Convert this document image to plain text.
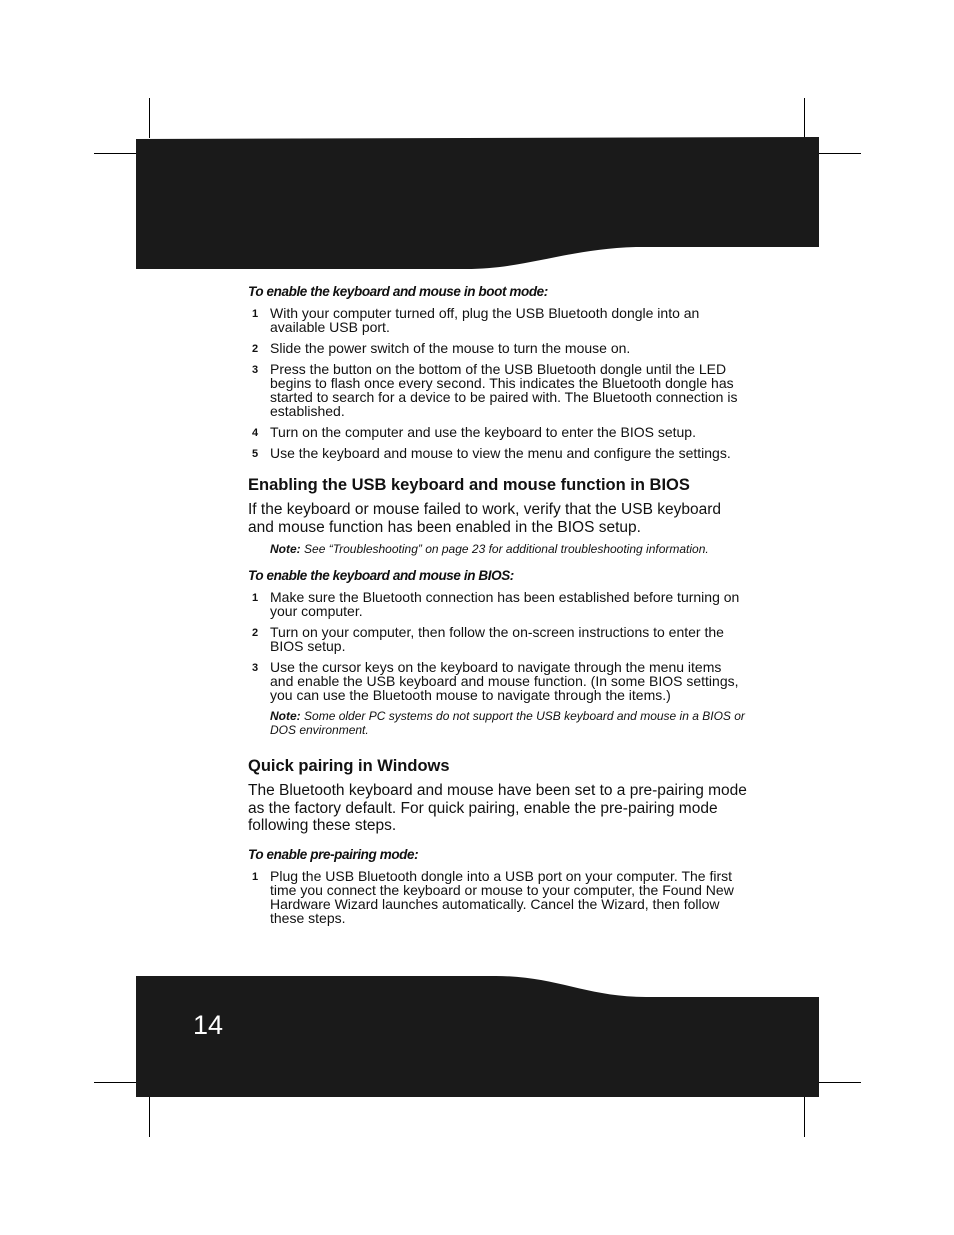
To enable the keyboard and mouse in boot mode:
1 With your computer turned off, plug the USB Bluetooth dongle into an available USB port.
2 Slide the power switch of the mouse to turn the mouse on.
3 Press the button on the bottom of the USB Bluetooth dongle until the LED begins to flash once every second. This indicates the Bluetooth dongle has started to search for a device to be paired with. The Bluetooth connection is established.
4 Turn on the computer and use the keyboard to enter the BIOS setup.
5 Use the keyboard and mouse to view the menu and configure the settings.
Enabling the USB keyboard and mouse function in BIOS

If the keyboard or mouse failed to work, verify that the USB keyboard and mouse function has been enabled in the BIOS setup.

Note: See “Troubleshooting” on page 23 for additional troubleshooting information.
To enable the keyboard and mouse in BIOS:
1 Make sure the Bluetooth connection has been established before turning on your computer.
2 Turn on your computer, then follow the on-screen instructions to enter the BIOS setup.
3 Use the cursor keys on the keyboard to navigate through the menu items and enable the USB keyboard and mouse function. (In some BIOS settings, you can use the Bluetooth mouse to navigate through the items.)
Note: Some older PC systems do not support the USB keyboard and mouse in a BIOS or DOS environment.
Quick pairing in Windows

The Bluetooth keyboard and mouse have been set to a pre-pairing mode as the factory default. For quick pairing, enable the pre-pairing mode following these steps.

To enable pre-pairing mode:
1 Plug the USB Bluetooth dongle into a USB port on your computer. The first time you connect the keyboard or mouse to your computer, the Found New Hardware Wizard launches automatically. Cancel the Wizard, then follow these steps.
14
